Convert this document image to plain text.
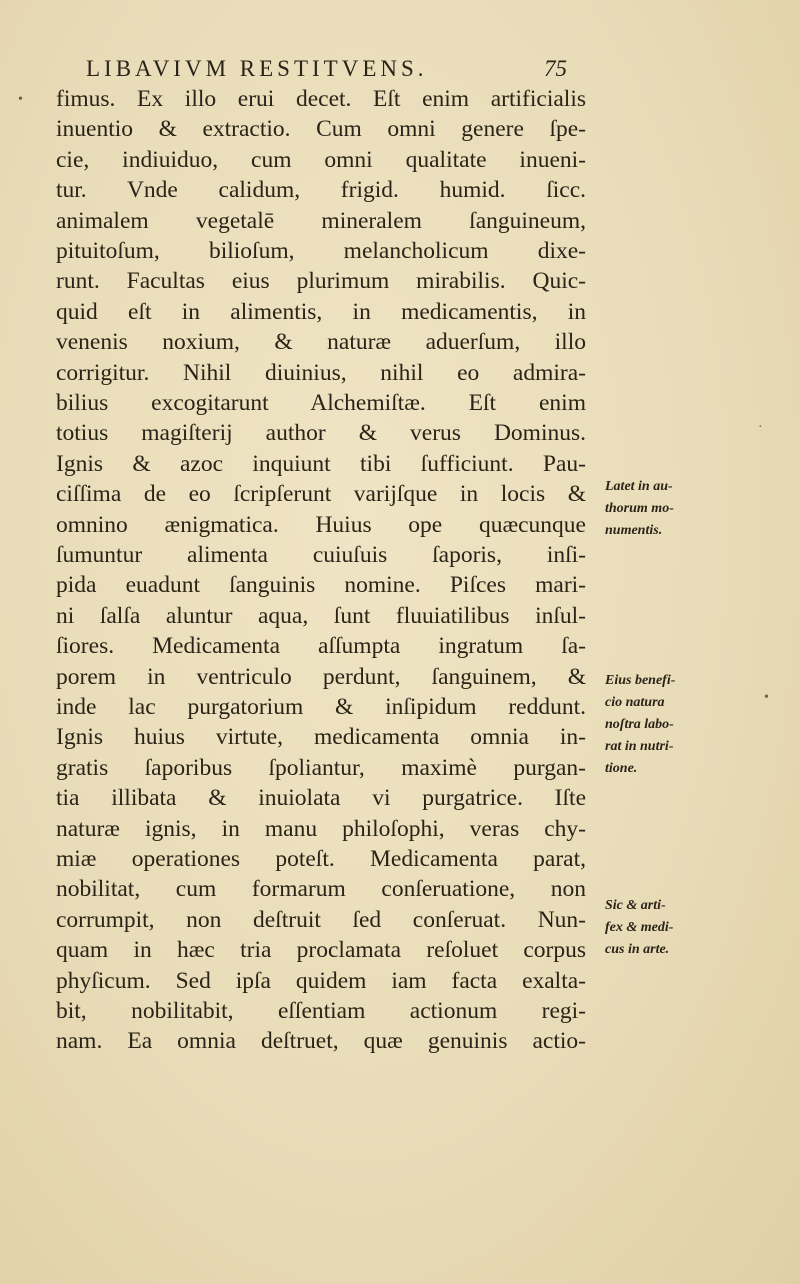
LIBAVIVM RESTITVENS.	75
fimus. Ex illo erui decet. Eſt enim artificialis
inuentio & extractio. Cum omni genere ſpe-
cie, indiuiduo, cum omni qualitate inueni-
tur. Vnde calidum, frigid. humid. ſicc.
animalem vegetalē mineralem ſanguineum,
pituitoſum, bilioſum, melancholicum dixe-
runt. Facultas eius plurimum mirabilis. Quic-
quid eſt in alimentis, in medicamentis, in
venenis noxium, & naturæ aduerſum, illo
corrigitur. Nihil diuinius, nihil eo admira-
bilius excogitarunt Alchemiſtæ. Eſt enim
totius magiſterij author & verus Dominus.
Ignis & azoc inquiunt tibi ſufficiunt. Pau-
ciſſima de eo ſcripſerunt varijſque in locis &
omnino ænigmatica. Huius ope quæcunque
ſumuntur alimenta cuiuſuis ſaporis, inſi-
pida euadunt ſanguinis nomine. Piſces mari-
ni ſalſa aluntur aqua, ſunt fluuiatilibus inſul-
ſiores. Medicamenta aſſumpta ingratum ſa-
porem in ventriculo perdunt, ſanguinem, &
inde lac purgatorium & inſipidum reddunt.
Ignis huius virtute, medicamenta omnia in-
gratis ſaporibus ſpoliantur, maximè purgan-
tia illibata & inuiolata vi purgatrice. Iſte
naturæ ignis, in manu philoſophi, veras chy-
miæ operationes poteſt. Medicamenta parat,
nobilitat, cum formarum conſeruatione, non
corrumpit, non deſtruit ſed conſeruat. Nun-
quam in hæc tria proclamata reſoluet corpus
phyſicum. Sed ipſa quidem iam facta exalta-
bit, nobilitabit, eſſentiam actionum regi-
nam. Ea omnia deſtruet, quæ genuinis actio-
Latet in au-
thorum mo-
numentis.
Eius benefi-
cio natura
noſtra labo-
rat in nutri-
tione.
Sic & arti-
fex & medi-
cus in arte.
•
·
•
